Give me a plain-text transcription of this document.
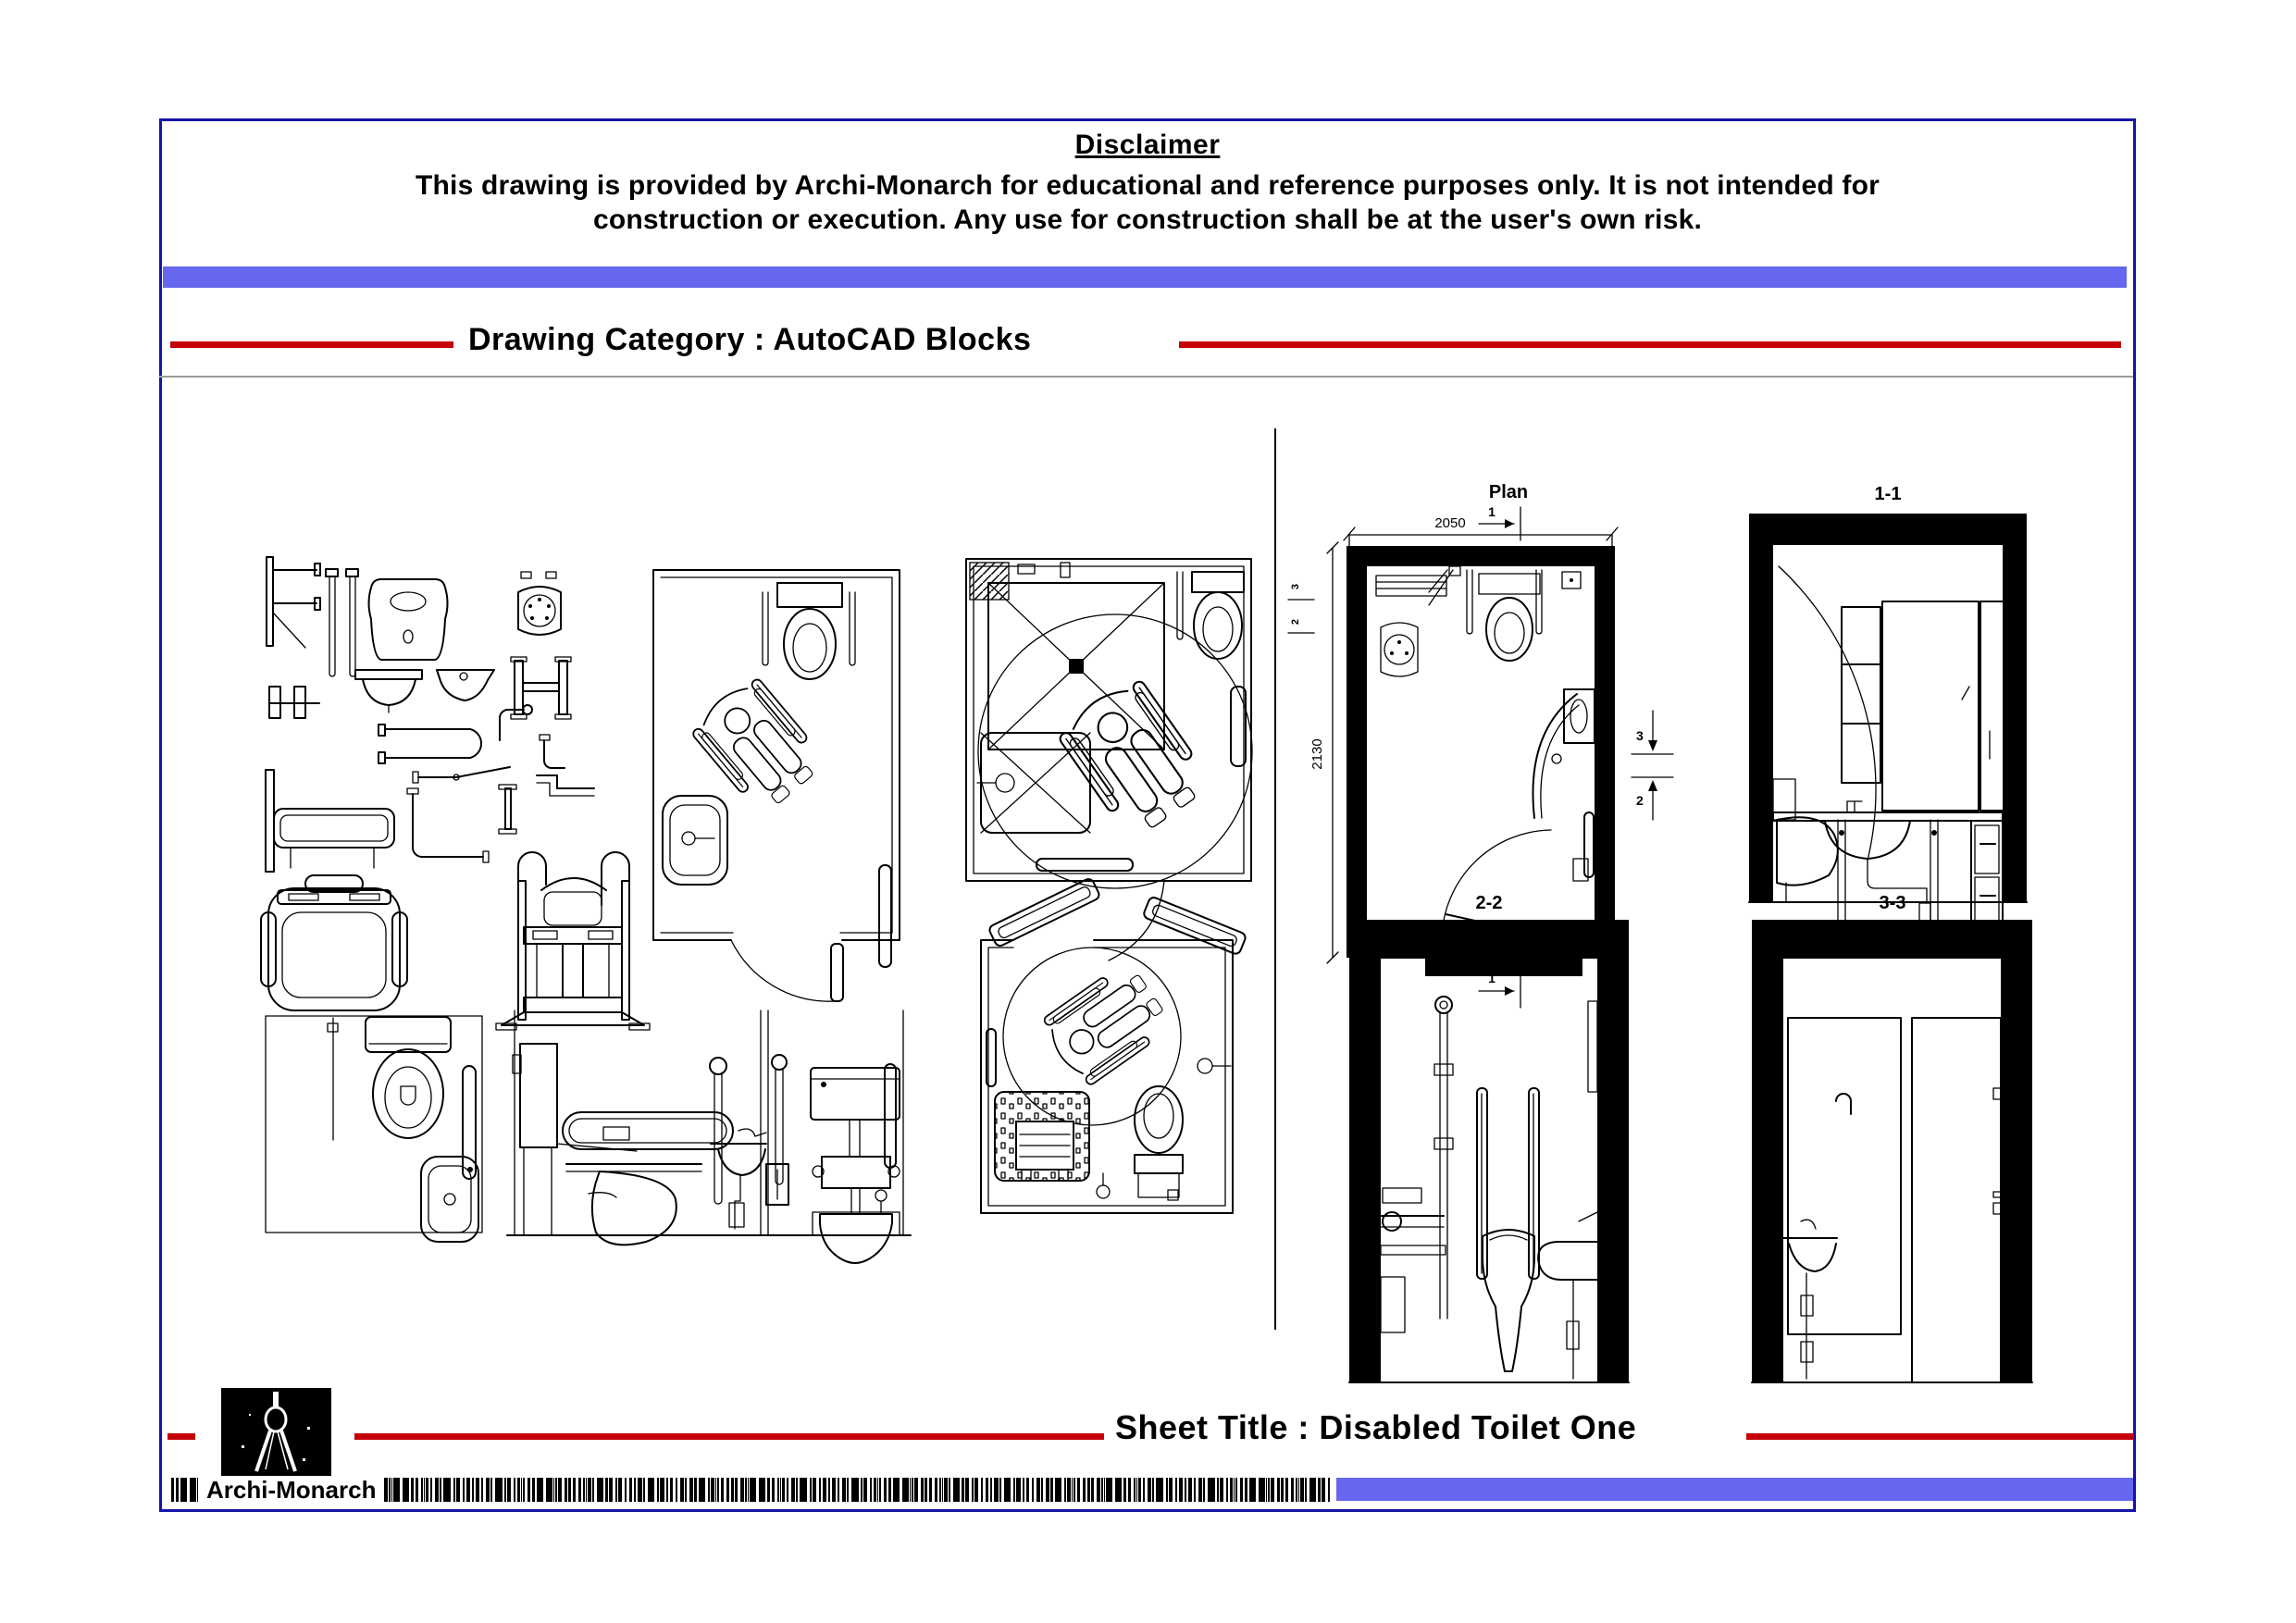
Disclaimer
This drawing is provided by Archi-Monarch for educational and reference purposes only. It is not intended for
construction or execution. Any use for construction shall be at the user's own risk.
Drawing Category : AutoCAD Blocks
Plan
1
2050
2130
3
2
3
2
1
1-1
2-2	3-3
Sheet Title : Disabled Toilet One
Archi-Monarch
